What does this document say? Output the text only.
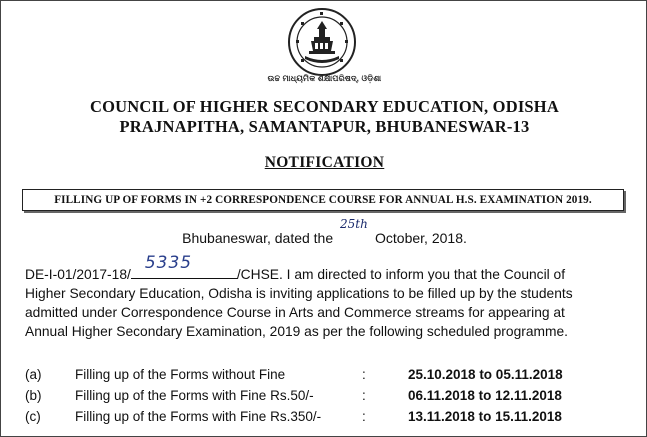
ଉଚ୍ଚ ମାଧ୍ୟମିକ ଶିକ୍ଷାପରିଷଦ୍, ଓଡ଼ିଶା
COUNCIL OF HIGHER SECONDARY EDUCATION, ODISHA
PRAJNAPITHA, SAMANTAPUR, BHUBANESWAR-13
NOTIFICATION
FILLING UP OF FORMS IN +2 CORRESPONDENCE COURSE FOR ANNUAL H.S. EXAMINATION 2019.
Bhubaneswar, dated the
25th
October, 2018.
DE-I-01/2017-18/
5335
/CHSE. I am directed to inform you that the Council of
Higher Secondary Education, Odisha is inviting applications to be filled up by the students
admitted under Correspondence Course in Arts and Commerce streams for appearing at
Annual Higher Secondary Examination, 2019 as per the following scheduled programme.
(a) Filling up of the Forms without Fine	:	25.10.2018 to 05.11.2018
(b) Filling up of the Forms with Fine Rs.50/-	:	06.11.2018 to 12.11.2018
(c)	Filling up of the Forms with Fine Rs.350/-	:	13.11.2018 to 15.11.2018
